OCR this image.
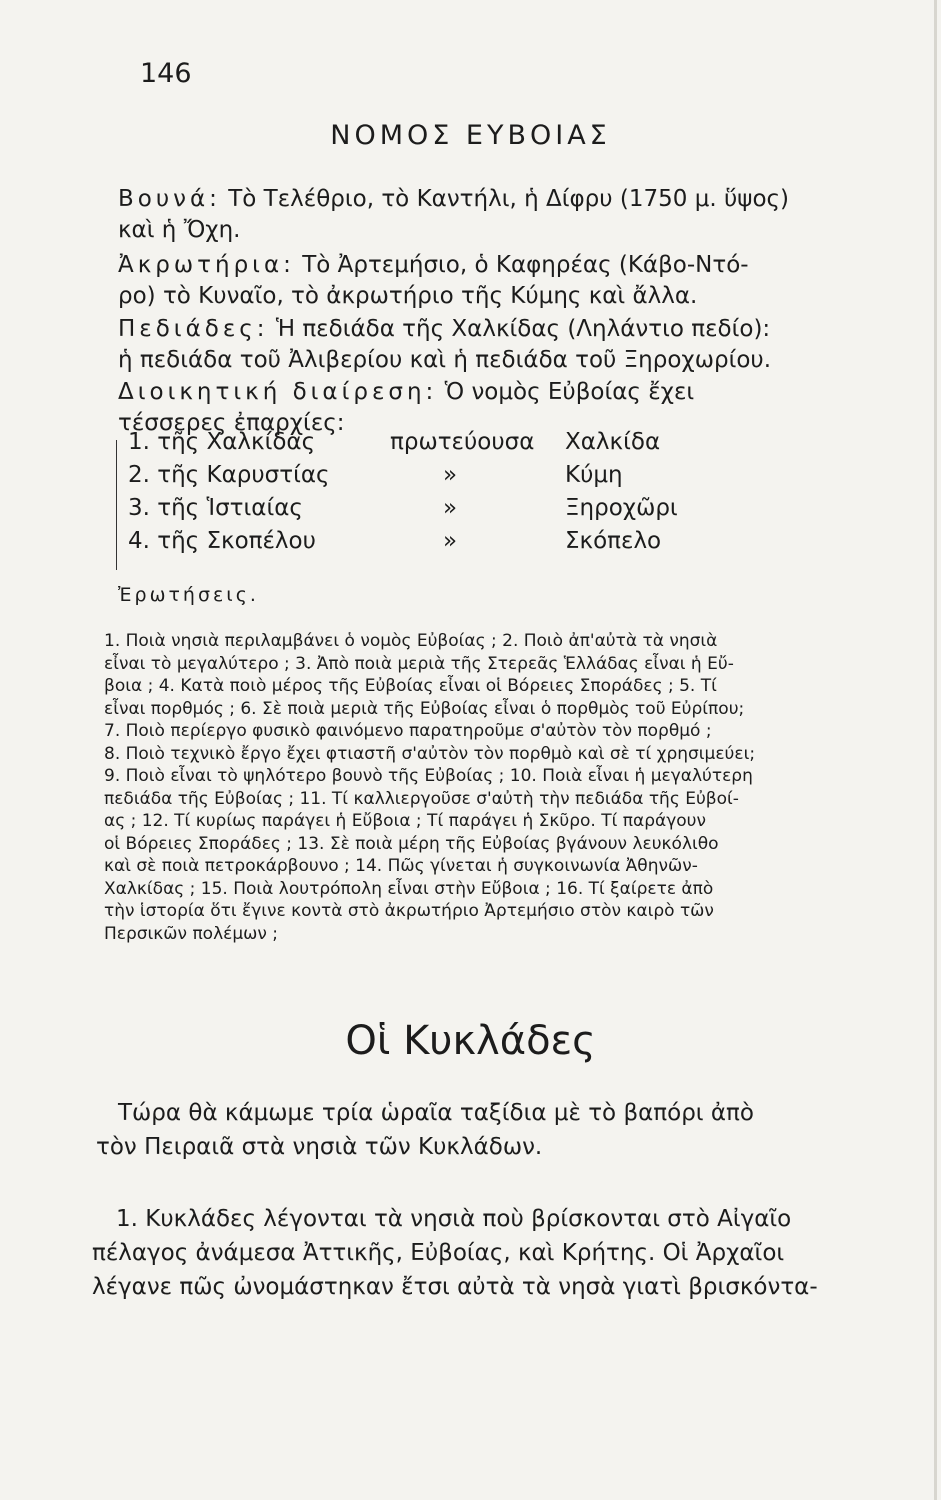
146
ΝΟΜΟΣ ΕΥΒΟΙΑΣ
Βουνά: Τὸ Τελέθριο, τὸ Καντήλι, ἡ Δίφρυ (1750 μ. ὕψος)
καὶ ἡ Ὄχη.
Ἀκρωτήρια: Τὸ Ἀρτεμήσιο, ὁ Καφηρέας (Κάβο-Ντό-
ρο) τὸ Κυναῖο, τὸ ἀκρωτήριο τῆς Κύμης καὶ ἄλλα.
Πεδιάδες: Ἡ πεδιάδα τῆς Χαλκίδας (Ληλάντιο πεδίο):
ἡ πεδιάδα τοῦ Ἀλιβερίου καὶ ἡ πεδιάδα τοῦ Ξηροχωρίου.
Διοικητική διαίρεση: Ὁ νομὸς Εὐβοίας ἔχει
τέσσερες ἐπαρχίες:
1. τῆς Χαλκίδας	πρωτεύουσα Χαλκίδα
2. τῆς Καρυστίας	»	Κύμη
3. τῆς Ἱστιαίας	»	Ξηροχῶρι
4. τῆς Σκοπέλου	»	Σκόπελο
Ἐρωτήσεις.
1. Ποιὰ νησιὰ περιλαμβάνει ὁ νομὸς Εὐβοίας ; 2. Ποιὸ ἀπ'αὐτὰ τὰ νησιὰ
εἶναι τὸ μεγαλύτερο ; 3. Ἀπὸ ποιὰ μεριὰ τῆς Στερεᾶς Ἑλλάδας εἶναι ἡ Εὔ-
βοια ; 4. Κατὰ ποιὸ μέρος τῆς Εὐβοίας εἶναι οἱ Βόρειες Σποράδες ; 5. Τί
εἶναι πορθμός ; 6. Σὲ ποιὰ μεριὰ τῆς Εὐβοίας εἶναι ὁ πορθμὸς τοῦ Εὐρίπου;
7. Ποιὸ περίεργο φυσικὸ φαινόμενο παρατηροῦμε σ'αὐτὸν τὸν πορθμό ;
8. Ποιὸ τεχνικὸ ἔργο ἔχει φτιαστῆ σ'αὐτὸν τὸν πορθμὸ καὶ σὲ τί χρησιμεύει;
9. Ποιὸ εἶναι τὸ ψηλότερο βουνὸ τῆς Εὐβοίας ; 10. Ποιὰ εἶναι ἡ μεγαλύτερη
πεδιάδα τῆς Εὐβοίας ; 11. Τί καλλιεργοῦσε σ'αὐτὴ τὴν πεδιάδα τῆς Εὐβοί-
ας ; 12. Τί κυρίως παράγει ἡ Εὔβοια ; Τί παράγει ἡ Σκῦρο. Τί παράγουν
οἱ Βόρειες Σποράδες ; 13. Σὲ ποιὰ μέρη τῆς Εὐβοίας βγάνουν λευκόλιθο
καὶ σὲ ποιὰ πετροκάρβουνο ; 14. Πῶς γίνεται ἡ συγκοινωνία Ἀθηνῶν-
Χαλκίδας ; 15. Ποιὰ λουτρόπολη εἶναι στὴν Εὔβοια ; 16. Τί ξαίρετε ἀπὸ
τὴν ἱστορία ὅτι ἔγινε κοντὰ στὸ ἀκρωτήριο Ἀρτεμήσιο στὸν καιρὸ τῶν
Περσικῶν πολέμων ;
Οἱ Κυκλάδες
Τώρα θὰ κάμωμε τρία ὡραῖα ταξίδια μὲ τὸ βαπόρι ἀπὸ
τὸν Πειραιᾶ στὰ νησιὰ τῶν Κυκλάδων.
1. Κυκλάδες λέγονται τὰ νησιὰ ποὺ βρίσκονται στὸ Αἰγαῖο
πέλαγος ἀνάμεσα Ἀττικῆς, Εὐβοίας, καὶ Κρήτης. Οἱ Ἀρχαῖοι
λέγανε πῶς ὠνομάστηκαν ἔτσι αὐτὰ τὰ νησὰ γιατὶ βρισκόντα-
